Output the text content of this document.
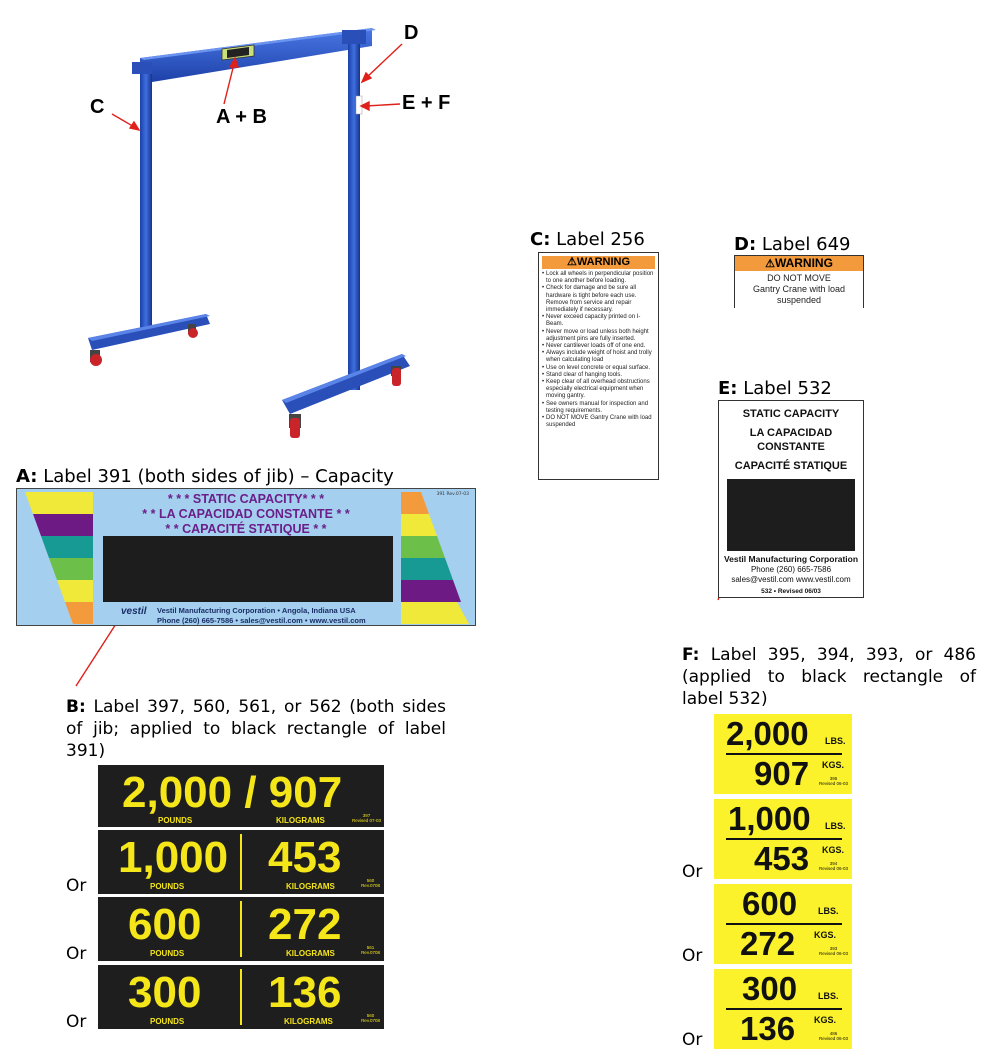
C	A + B
D
E + F
A: Label 391 (both sides of jib) – Capacity
* * * STATIC CAPACITY* * *
* * LA CAPACIDAD CONSTANTE * *
* * CAPACITÉ STATIQUE * *
391 Rev.07-03
vestil Vestil Manufacturing Corporation • Angola, Indiana USA
Phone (260) 665-7586 • sales@vestil.com • www.vestil.com
B: Label 397, 560, 561, or 562 (both sides of jib; applied to black rectangle of label 391)
2,000 / 907
POUNDS	KILOGRAMS
397
Revised 07-03
Or
1,000 453
POUNDS	KILOGRAMS
560
Rev.0708
Or
600 272
POUNDS	KILOGRAMS
561
Rev.0708
Or
300 136
POUNDS	KILOGRAMS
560
Rev.0708
C: Label 256
⚠WARNING
• Lock all wheels in perpendicular position to one another before loading.
• Check for damage and be sure all hardware is tight before each use. Remove from service and repair immediately if necessary.
• Never exceed capacity printed on I-Beam.
• Never move or load unless both height adjustment pins are fully inserted.
• Never cantilever loads off of one end.
• Always include weight of hoist and trolly when calculating load
• Use on level concrete or equal surface.
• Stand clear of hanging tools.
• Keep clear of all overhead obstructions especially electrical equipment when moving gantry.
• See owners manual for inspection and testing requirements.
• DO NOT MOVE Gantry Crane with load suspended
D: Label 649
⚠WARNING
DO NOT MOVE
Gantry Crane with load
suspended
E: Label 532
STATIC CAPACITY
LA CAPACIDAD
CONSTANTE
CAPACITÉ STATIQUE
Vestil Manufacturing Corporation
Phone (260) 665-7586
sales@vestil.com www.vestil.com
532 • Revised 06/03
F: Label 395, 394, 393, or 486 (applied to black rectangle of label 532)
2,000 LBS.
907 KGS.
395
Revised 06-03
Or
1,000 LBS.
453 KGS.
394
Revised 06-03
Or
600 LBS.
272 KGS.
393
Revised 06-03
Or
300 LBS.
136 KGS.
486
Revised 06-03
